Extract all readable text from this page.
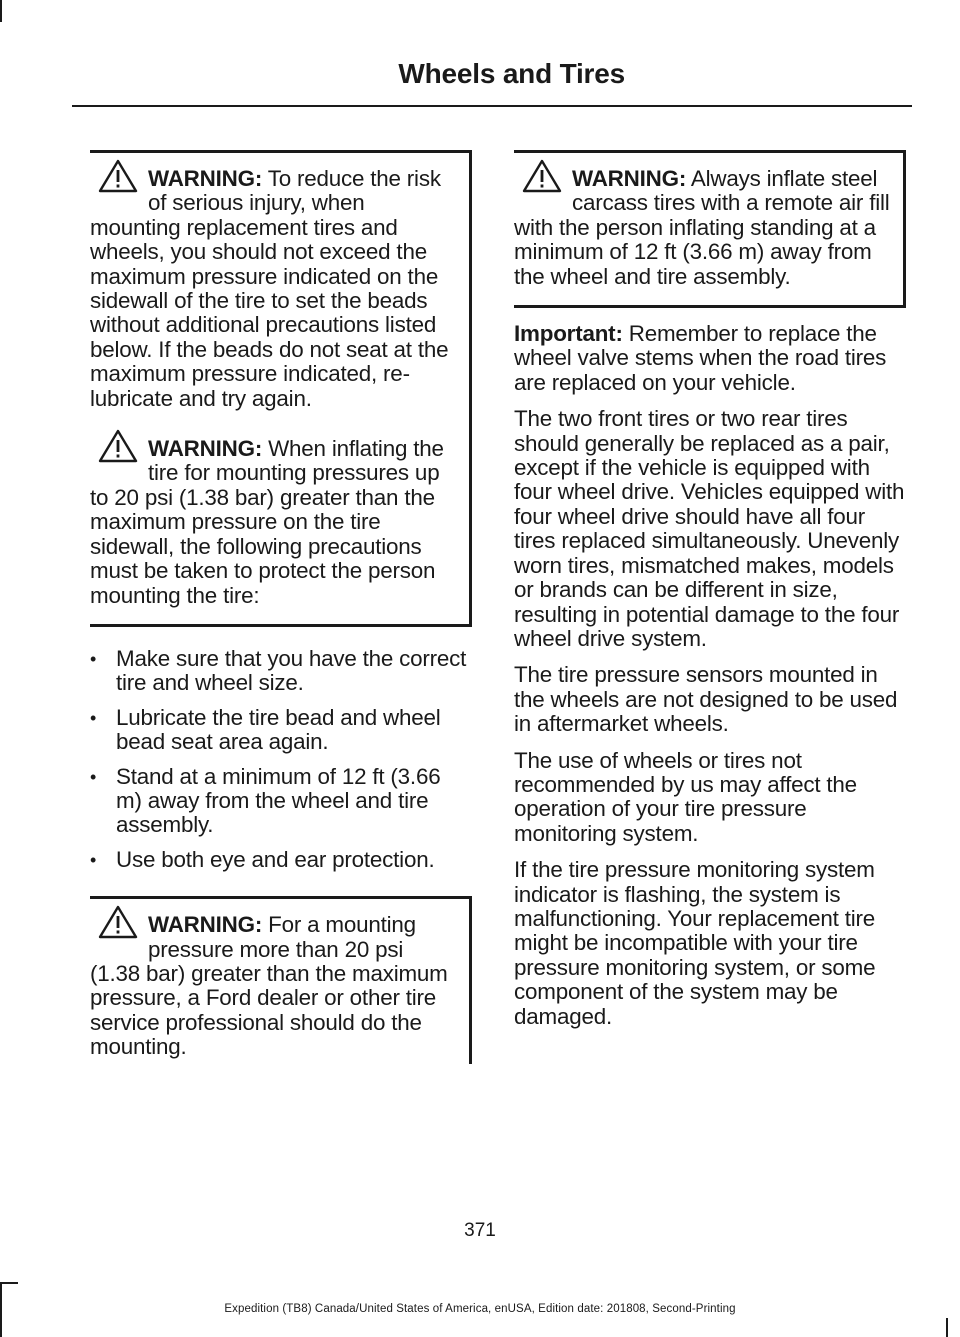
Wheels and Tires
WARNING: To reduce the risk of serious injury, when mounting replacement tires and wheels, you should not exceed the maximum pressure indicated on the sidewall of the tire to set the beads without additional precautions listed below. If the beads do not seat at the maximum pressure indicated, re-lubricate and try again.
WARNING: When inflating the tire for mounting pressures up to 20 psi (1.38 bar) greater than the maximum pressure on the tire sidewall, the following precautions must be taken to protect the person mounting the tire:
• Make sure that you have the correct tire and wheel size.
• Lubricate the tire bead and wheel bead seat area again.
• Stand at a minimum of 12 ft (3.66 m) away from the wheel and tire assembly.
• Use both eye and ear protection.
WARNING: For a mounting pressure more than 20 psi (1.38 bar) greater than the maximum pressure, a Ford dealer or other tire service professional should do the mounting.
WARNING: Always inflate steel carcass tires with a remote air fill with the person inflating standing at a minimum of 12 ft (3.66 m) away from the wheel and tire assembly.

Important: Remember to replace the wheel valve stems when the road tires are replaced on your vehicle.

The two front tires or two rear tires should generally be replaced as a pair, except if the vehicle is equipped with four wheel drive. Vehicles equipped with four wheel drive should have all four tires replaced simultaneously. Unevenly worn tires, mismatched makes, models or brands can be different in size, resulting in potential damage to the four wheel drive system.

The tire pressure sensors mounted in the wheels are not designed to be used in aftermarket wheels.

The use of wheels or tires not recommended by us may affect the operation of your tire pressure monitoring system.

If the tire pressure monitoring system indicator is flashing, the system is malfunctioning. Your replacement tire might be incompatible with your tire pressure monitoring system, or some component of the system may be damaged.

371
Expedition (TB8) Canada/United States of America, enUSA, Edition date: 201808, Second-Printing
